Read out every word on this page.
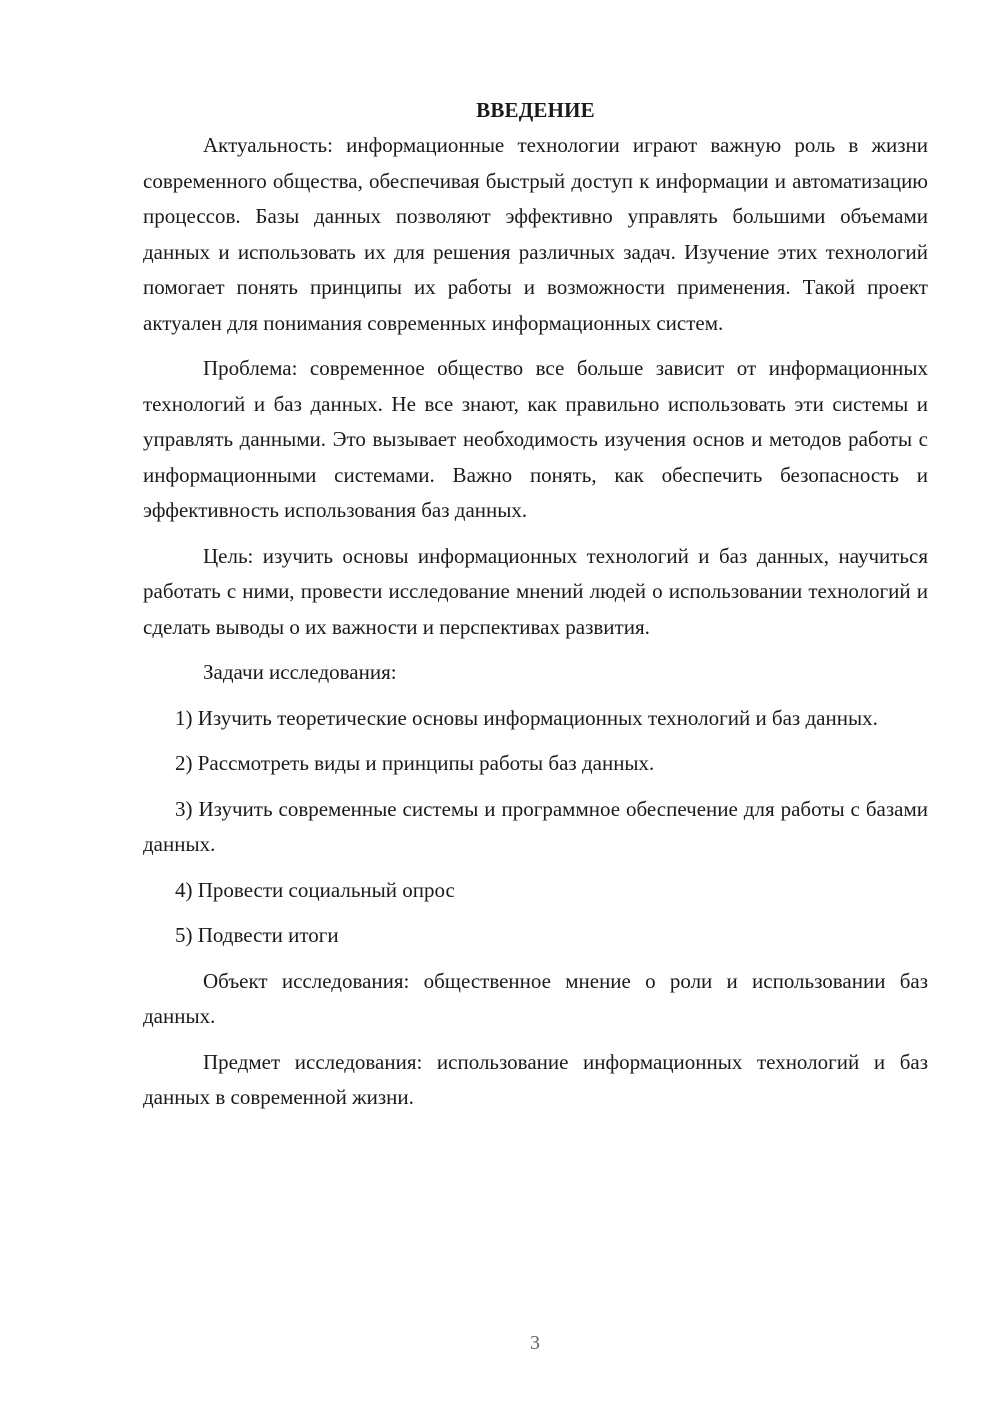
ВВЕДЕНИЕ

Актуальность: информационные технологии играют важную роль в жизни современного общества, обеспечивая быстрый доступ к информации и автоматизацию процессов. Базы данных позволяют эффективно управлять большими объемами данных и использовать их для решения различных задач. Изучение этих технологий помогает понять принципы их работы и возможности применения. Такой проект актуален для понимания современных информационных систем.

Проблема: современное общество все больше зависит от информационных технологий и баз данных. Не все знают, как правильно использовать эти системы и управлять данными. Это вызывает необходимость изучения основ и методов работы с информационными системами. Важно понять, как обеспечить безопасность и эффективность использования баз данных.

Цель: изучить основы информационных технологий и баз данных, научиться работать с ними, провести исследование мнений людей о использовании технологий и сделать выводы о их важности и перспективах развития.

Задачи исследования:

1) Изучить теоретические основы информационных технологий и баз данных.

2) Рассмотреть виды и принципы работы баз данных.

3) Изучить современные системы и программное обеспечение для работы с базами данных.

4) Провести социальный опрос

5) Подвести итоги

Объект исследования: общественное мнение о роли и использовании баз данных.

Предмет исследования: использование информационных технологий и баз данных в современной жизни.

3
